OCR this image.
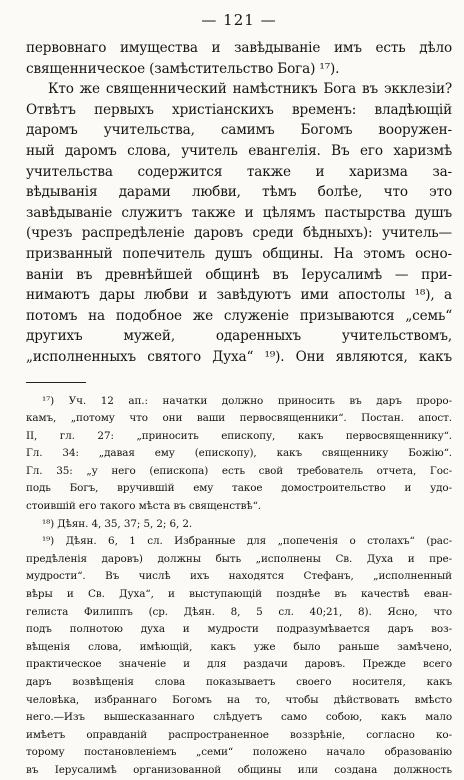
— 121 —

первовнаго имущества и завѣдываніе имъ есть дѣло

священническое (замѣстительство Бога) ¹⁷).

Кто же священнический намѣстникъ Бога въ экклезіи?

Отвѣтъ первыхъ христіанскихъ временъ: владѣющій

даромъ учительства, самимъ Богомъ вооружен-

ный даромъ слова, учитель евангелія. Въ его харизмѣ

учительства содержится также и харизма за-

вѣдыванія дарами любви, тѣмъ болѣе, что это

завѣдываніе служитъ также и цѣлямъ пастырства душъ

(чрезъ распредѣленіе даровъ среди бѣдныхъ): учитель—

призванный попечитель душъ общины. На этомъ осно-

ваніи въ древнѣйшей общинѣ въ Іерусалимѣ — при-

нимаютъ дары любви и завѣдуютъ ими апостолы ¹⁸), а

потомъ на подобное же служеніе призываются „семь“

другихъ мужей, одаренныхъ учительствомъ,

„исполненныхъ святого Духа“ ¹⁹). Они являются, какъ

¹⁷) Уч. 12 ап.: начатки должно приносить въ даръ проро-

камъ, „потому что они ваши первосвященники“. Постан. апост.

II, гл. 27: „приносить епископу, какъ первосвященнику“.

Гл. 34: „давая ему (епископу), какъ священнику Божію“.

Гл. 35: „у него (епископа) есть свой требователь отчета, Гос-

подь Богъ, вручившій ему такое домостроительство и удо-

стоившій его такого мѣста въ священствѣ“.

¹⁸) Дѣян. 4, 35, 37; 5, 2; 6, 2.

¹⁹) Дѣян. 6, 1 сл. Избранные для „попеченія о столахъ“ (рас-

предѣленія даровъ) должны быть „исполнены Св. Духа и пре-

мудрости“. Въ числѣ ихъ находятся Стефанъ, „исполненный

вѣры и Св. Духа“, и выступающій позднѣе въ качествѣ еван-

гелиста Филиппъ (ср. Дѣян. 8, 5 сл. 40;21, 8). Ясно, что

подъ полнотою духа и мудрости подразумѣвается даръ воз-

вѣщенія слова, имѣющій, какъ уже было раньше замѣчено,

практическое значеніе и для раздачи даровъ. Прежде всего

даръ возвѣщенія слова показываетъ своего носителя, какъ

человѣка, избраннаго Богомъ на то, чтобы дѣйствовать вмѣсто

него.—Изъ вышесказаннаго слѣдуетъ само собою, какъ мало

имѣетъ оправданій распространенное воззрѣніе, согласно ко-

торому постановленіемъ „семи“ положено начало образованію

въ Іерусалимѣ организованной общины или создана должность
